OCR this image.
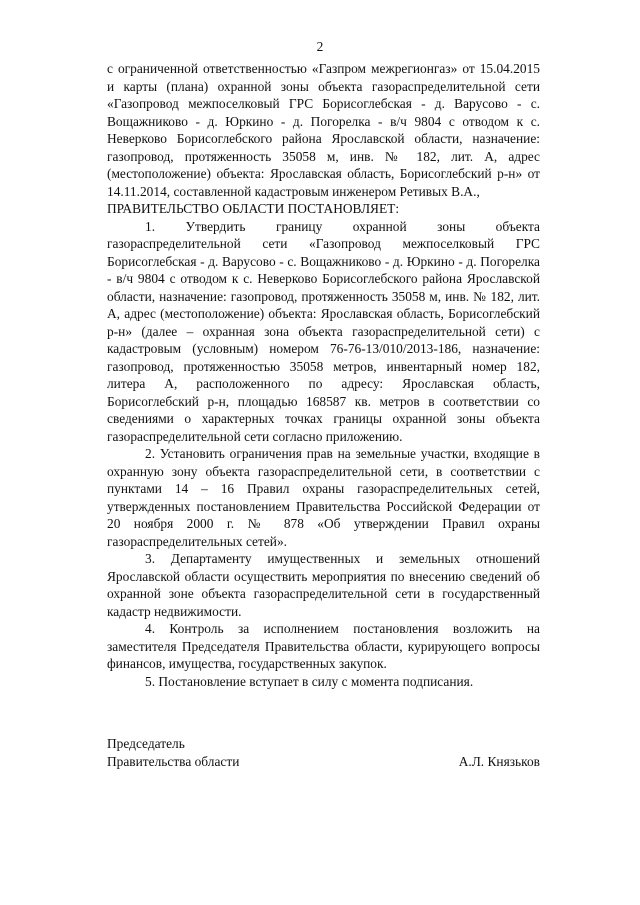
2

с ограниченной ответственностью «Газпром межрегионгаз» от 15.04.2015 и карты (плана) охранной зоны объекта газораспределительной сети «Газопровод межпоселковый ГРС Борисоглебская - д. Варусово - с. Вощажниково - д. Юркино - д. Погорелка - в/ч 9804 с отводом к с. Неверково Борисоглебского района Ярославской области, назначение: газопровод, протяженность 35058 м, инв. № 182, лит. А, адрес (местоположение) объекта: Ярославская область, Борисоглебский р-н» от 14.11.2014, составленной кадастровым инженером Ретивых В.А.,

ПРАВИТЕЛЬСТВО ОБЛАСТИ ПОСТАНОВЛЯЕТ:

1. Утвердить границу охранной зоны объекта газораспределительной сети «Газопровод межпоселковый ГРС Борисоглебская - д. Варусово - с. Вощажниково - д. Юркино - д. Погорелка - в/ч 9804 с отводом к с. Неверково Борисоглебского района Ярославской области, назначение: газопровод, протяженность 35058 м, инв. № 182, лит. А, адрес (местоположение) объекта: Ярославская область, Борисоглебский р-н» (далее – охранная зона объекта газораспределительной сети) с кадастровым (условным) номером 76-76-13/010/2013-186, назначение: газопровод, протяженностью 35058 метров, инвентарный номер 182, литера А, расположенного по адресу: Ярославская область, Борисоглебский р-н, площадью 168587 кв. метров в соответствии со сведениями о характерных точках границы охранной зоны объекта газораспределительной сети согласно приложению.

2. Установить ограничения прав на земельные участки, входящие в охранную зону объекта газораспределительной сети, в соответствии с пунктами 14 – 16 Правил охраны газораспределительных сетей, утвержденных постановлением Правительства Российской Федерации от 20 ноября 2000 г. № 878 «Об утверждении Правил охраны газораспределительных сетей».

3. Департаменту имущественных и земельных отношений Ярославской области осуществить мероприятия по внесению сведений об охранной зоне объекта газораспределительной сети в государственный кадастр недвижимости.

4. Контроль за исполнением постановления возложить на заместителя Председателя Правительства области, курирующего вопросы финансов, имущества, государственных закупок.

5. Постановление вступает в силу с момента подписания.

Председатель
Правительства области	А.Л. Князьков
